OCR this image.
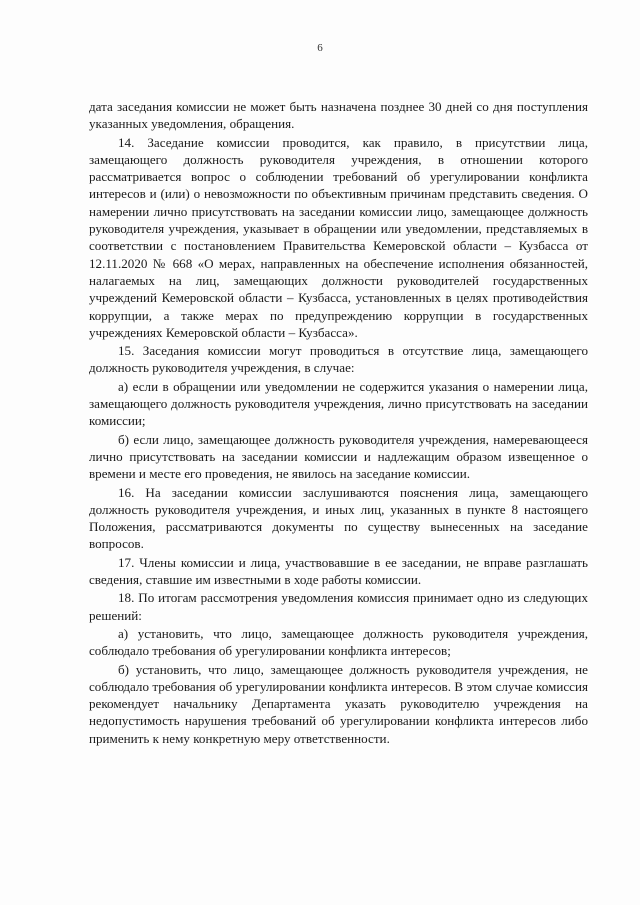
6

дата заседания комиссии не может быть назначена позднее 30 дней со дня поступления указанных уведомления, обращения.

14. Заседание комиссии проводится, как правило, в присутствии лица, замещающего должность руководителя учреждения, в отношении которого рассматривается вопрос о соблюдении требований об урегулировании конфликта интересов и (или) о невозможности по объективным причинам представить сведения. О намерении лично присутствовать на заседании комиссии лицо, замещающее должность руководителя учреждения, указывает в обращении или уведомлении, представляемых в соответствии с постановлением Правительства Кемеровской области – Кузбасса от 12.11.2020 № 668 «О мерах, направленных на обеспечение исполнения обязанностей, налагаемых на лиц, замещающих должности руководителей государственных учреждений Кемеровской области – Кузбасса, установленных в целях противодействия коррупции, а также мерах по предупреждению коррупции в государственных учреждениях Кемеровской области – Кузбасса».

15. Заседания комиссии могут проводиться в отсутствие лица, замещающего должность руководителя учреждения, в случае:

а) если в обращении или уведомлении не содержится указания о намерении лица, замещающего должность руководителя учреждения, лично присутствовать на заседании комиссии;

б) если лицо, замещающее должность руководителя учреждения, намеревающееся лично присутствовать на заседании комиссии и надлежащим образом извещенное о времени и месте его проведения, не явилось на заседание комиссии.

16. На заседании комиссии заслушиваются пояснения лица, замещающего должность руководителя учреждения, и иных лиц, указанных в пункте 8 настоящего Положения, рассматриваются документы по существу вынесенных на заседание вопросов.

17. Члены комиссии и лица, участвовавшие в ее заседании, не вправе разглашать сведения, ставшие им известными в ходе работы комиссии.

18. По итогам рассмотрения уведомления комиссия принимает одно из следующих решений:

а) установить, что лицо, замещающее должность руководителя учреждения, соблюдало требования об урегулировании конфликта интересов;

б) установить, что лицо, замещающее должность руководителя учреждения, не соблюдало требования об урегулировании конфликта интересов. В этом случае комиссия рекомендует начальнику Департамента указать руководителю учреждения на недопустимость нарушения требований об урегулировании конфликта интересов либо применить к нему конкретную меру ответственности.
